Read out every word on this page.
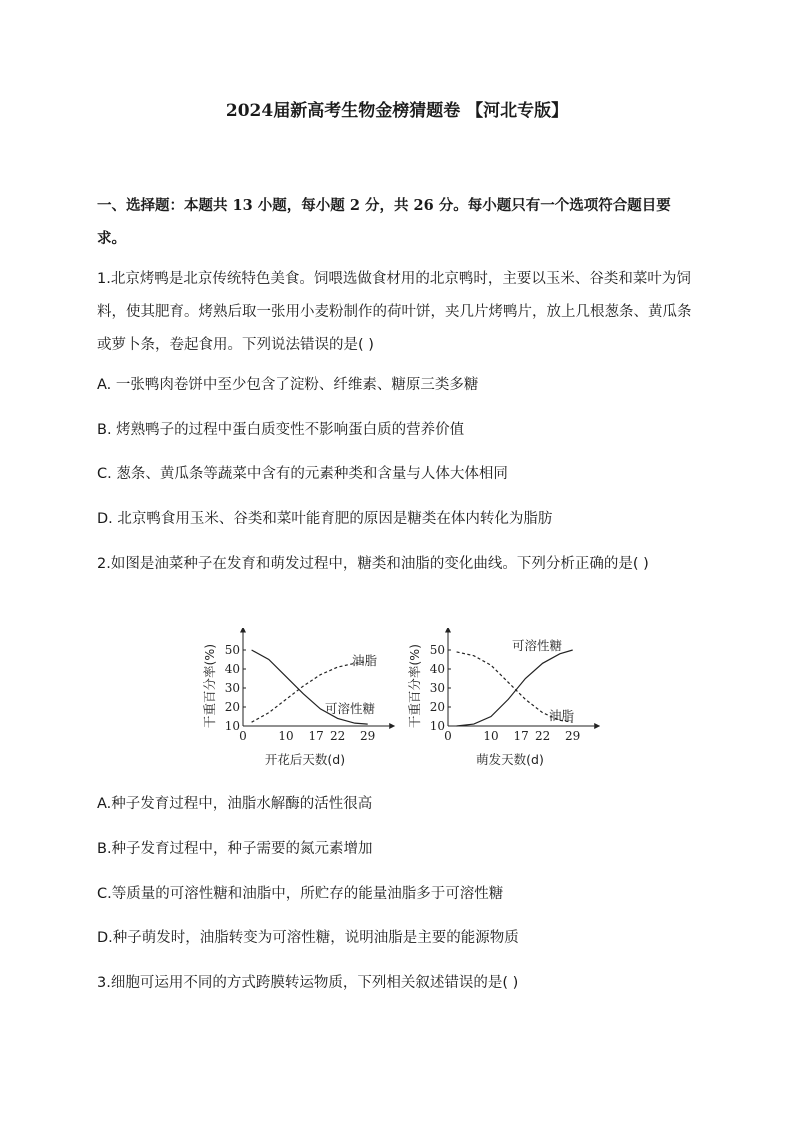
2024届新高考生物金榜猜题卷 【河北专版】
一、选择题：本题共 13 小题，每小题 2 分，共 26 分。每小题只有一个选项符合题目要求。
1.北京烤鸭是北京传统特色美食。饲喂选做食材用的北京鸭时，主要以玉米、谷类和菜叶为饲料，使其肥育。烤熟后取一张用小麦粉制作的荷叶饼，夹几片烤鸭片，放上几根葱条、黄瓜条或萝卜条，卷起食用。下列说法错误的是( )
A. 一张鸭肉卷饼中至少包含了淀粉、纤维素、糖原三类多糖
B. 烤熟鸭子的过程中蛋白质变性不影响蛋白质的营养价值
C. 葱条、黄瓜条等蔬菜中含有的元素种类和含量与人体大体相同
D. 北京鸭食用玉米、谷类和菜叶能育肥的原因是糖类在体内转化为脂肪
2.如图是油菜种子在发育和萌发过程中，糖类和油脂的变化曲线。下列分析正确的是( )
10
20
30
40
50
0	10 17 22 29
干重百分率(%)
开花后天数(d)
可溶性糖
油脂
10
20
30
40
50
0	10 17 22 29
干重百分率(%)
萌发天数(d)
可溶性糖
油脂
A.种子发育过程中，油脂水解酶的活性很高
B.种子发育过程中，种子需要的氮元素增加
C.等质量的可溶性糖和油脂中，所贮存的能量油脂多于可溶性糖
D.种子萌发时，油脂转变为可溶性糖，说明油脂是主要的能源物质
3.细胞可运用不同的方式跨膜转运物质，下列相关叙述错误的是( )
